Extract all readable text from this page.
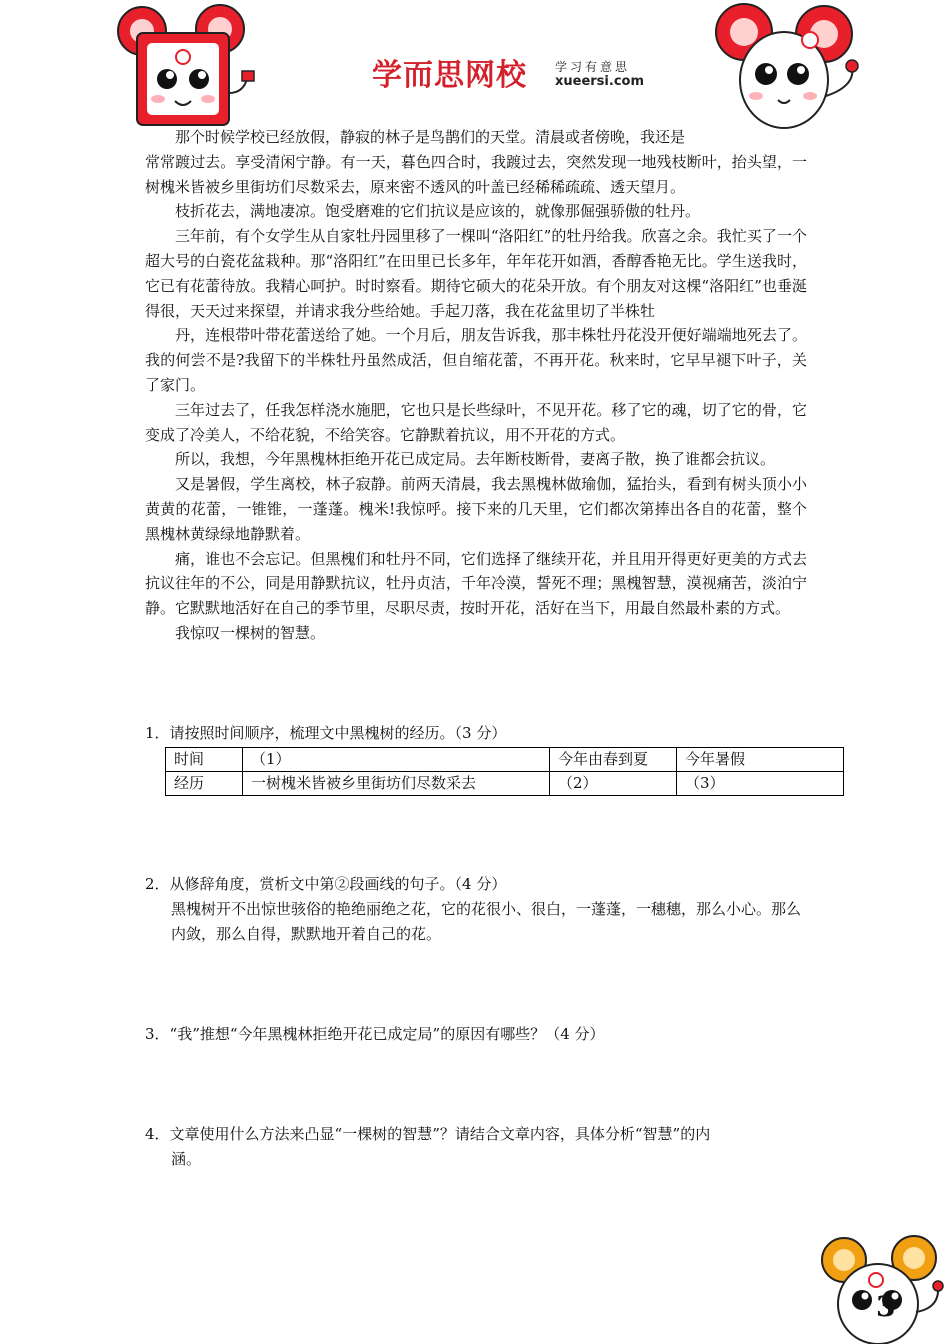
学而思网校 学习有意思
xueersi.com

那个时候学校已经放假，静寂的林子是鸟鹊们的天堂。清晨或者傍晚，我还是

常常踱过去。享受清闲宁静。有一天，暮色四合时，我踱过去，突然发现一地残枝断叶，抬头望，一树槐米皆被乡里街坊们尽数采去，原来密不透风的叶盖已经稀稀疏疏、透天望月。

枝折花去，满地凄凉。饱受磨难的它们抗议是应该的，就像那倔强骄傲的牡丹。

三年前，有个女学生从自家牡丹园里移了一棵叫“洛阳红”的牡丹给我。欣喜之余。我忙买了一个超大号的白瓷花盆栽种。那“洛阳红”在田里已长多年，年年花开如酒，香醇香艳无比。学生送我时，它已有花蕾待放。我精心呵护。时时察看。期待它硕大的花朵开放。有个朋友对这棵“洛阳红”也垂涎得很，天天过来探望，并请求我分些给她。手起刀落，我在花盆里切了半株牡

丹，连根带叶带花蕾送给了她。一个月后，朋友告诉我，那丰株牡丹花没开便好端端地死去了。我的何尝不是?我留下的半株牡丹虽然成活，但自缩花蕾，不再开花。秋来时，它早早褪下叶子，关了家门。

三年过去了，任我怎样浇水施肥，它也只是长些绿叶，不见开花。移了它的魂，切了它的骨，它变成了冷美人，不给花貌，不给笑容。它静默着抗议，用不开花的方式。

所以，我想，今年黑槐林拒绝开花已成定局。去年断枝断骨，妻离子散，换了谁都会抗议。

又是暑假，学生离校，林子寂静。前两天清晨，我去黑槐林做瑜伽，猛抬头，看到有树头顶小小黄黄的花蕾，一锥锥，一蓬蓬。槐米!我惊呼。接下来的几天里，它们都次第捧出各自的花蕾，整个黑槐林黄绿绿地静默着。

痛，谁也不会忘记。但黑槐们和牡丹不同，它们选择了继续开花，并且用开得更好更美的方式去抗议往年的不公，同是用静默抗议，牡丹贞洁，千年冷漠，誓死不理；黑槐智慧，漠视痛苦，淡泊宁静。它默默地活好在自己的季节里，尽职尽责，按时开花，活好在当下，用最自然最朴素的方式。

我惊叹一棵树的智慧。

1．请按照时间顺序，梳理文中黑槐树的经历。（3 分）
时间	（1）	今年由春到夏	今年暑假
经历	一树槐米皆被乡里街坊们尽数采去	（2）	（3）
2．从修辞角度，赏析文中第②段画线的句子。（4 分）
黑槐树开不出惊世骇俗的艳绝丽绝之花，它的花很小、很白，一蓬蓬，一穗穗，那么小心。那么内敛，那么自得，默默地开着自己的花。
3．“我”推想“今年黑槐林拒绝开花已成定局”的原因有哪些？（4 分）
4．文章使用什么方法来凸显“一棵树的智慧”？请结合文章内容，具体分析“智慧”的内
涵。
3
